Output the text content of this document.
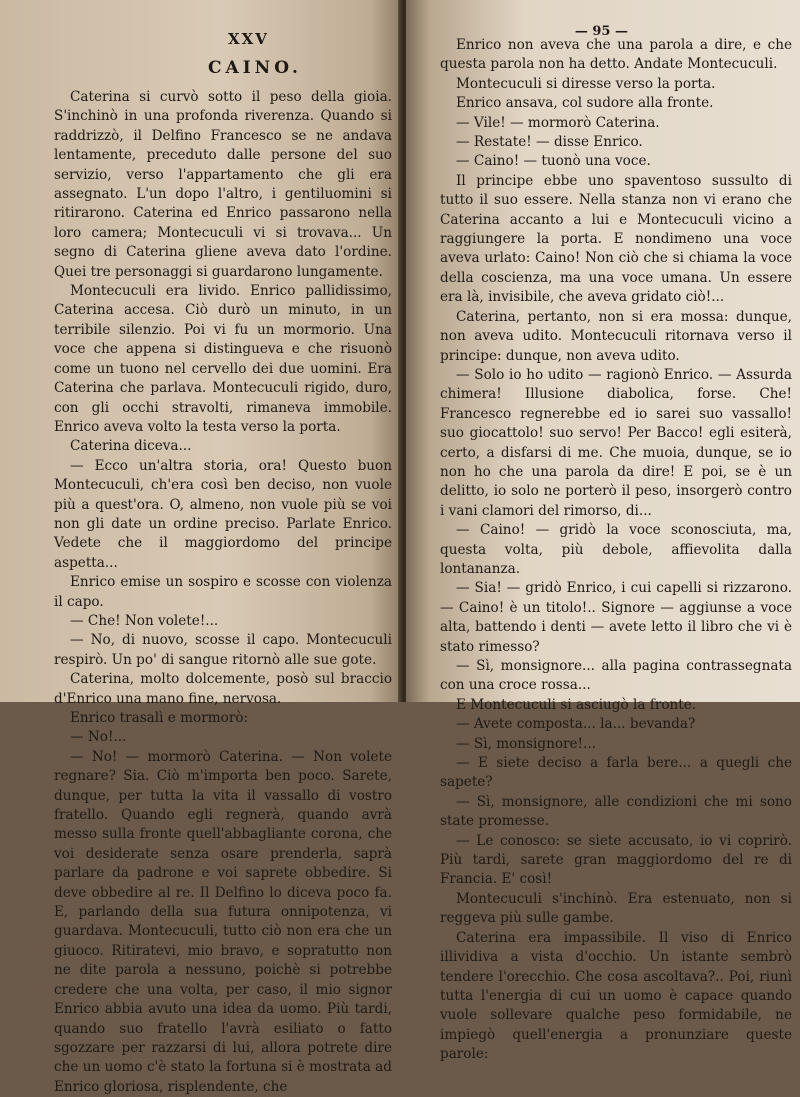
XXV
CAINO.

Caterina si curvò sotto il peso della gioia. S'inchinò in una profonda riverenza. Quando si raddrizzò, il Delfino Francesco se ne andava lentamente, preceduto dalle persone del suo servizio, verso l'appartamento che gli era assegnato. L'un dopo l'altro, i gentiluomini si ritirarono. Caterina ed Enrico passarono nella loro camera; Montecuculi vi si trovava... Un segno di Caterina gliene aveva dato l'ordine. Quei tre personaggi si guardarono lungamente.

Montecuculi era livido. Enrico pallidissimo, Caterina accesa. Ciò durò un minuto, in un terribile silenzio. Poi vi fu un mormorio. Una voce che appena si distingueva e che risuonò come un tuono nel cervello dei due uomini. Era Caterina che parlava. Montecuculi rigido, duro, con gli occhi stravolti, rimaneva immobile. Enrico aveva volto la testa verso la porta.

Caterina diceva...

— Ecco un'altra storia, ora! Questo buon Montecuculi, ch'era così ben deciso, non vuole più a quest'ora. O, almeno, non vuole più se voi non gli date un ordine preciso. Parlate Enrico. Vedete che il maggiordomo del principe aspetta...

Enrico emise un sospiro e scosse con violenza il capo.

— Che! Non volete!...

— No, di nuovo, scosse il capo. Montecuculi respirò. Un po' di sangue ritornò alle sue gote.

Caterina, molto dolcemente, posò sul braccio d'Enrico una mano fine, nervosa.

Enrico trasalì e mormorò:

— No!...

— No! — mormorò Caterina. — Non volete regnare? Sia. Ciò m'importa ben poco. Sarete, dunque, per tutta la vita il vassallo di vostro fratello. Quando egli regnerà, quando avrà messo sulla fronte quell'abbagliante corona, che voi desiderate senza osare prenderla, saprà parlare da padrone e voi saprete obbedire. Si deve obbedire al re. Il Delfino lo diceva poco fa. E, parlando della sua futura onnipotenza, vi guardava. Montecuculi, tutto ciò non era che un giuoco. Ritiratevi, mio bravo, e sopratutto non ne dite parola a nessuno, poichè si potrebbe credere che una volta, per caso, il mio signor Enrico abbia avuto una idea da uomo. Più tardi, quando suo fratello l'avrà esiliato o fatto sgozzare per razzarsi di lui, allora potrete dire che un uomo c'è stato la fortuna si è mostrata ad Enrico gloriosa, risplendente, che

— 95 —

Enrico non aveva che una parola a dire, e che questa parola non ha detto. Andate Montecuculi.

Montecuculi si diresse verso la porta.

Enrico ansava, col sudore alla fronte.

— Vile! — mormorò Caterina.

— Restate! — disse Enrico.

— Caino! — tuonò una voce.

Il principe ebbe uno spaventoso sussulto di tutto il suo essere. Nella stanza non vi erano che Caterina accanto a lui e Montecuculi vicino a raggiungere la porta. E nondimeno una voce aveva urlato: Caino! Non ciò che si chiama la voce della coscienza, ma una voce umana. Un essere era là, invisibile, che aveva gridato ciò!...

Caterina, pertanto, non si era mossa: dunque, non aveva udito. Montecuculi ritornava verso il principe: dunque, non aveva udito.

— Solo io ho udito — ragionò Enrico. — Assurda chimera! Illusione diabolica, forse. Che! Francesco regnerebbe ed io sarei suo vassallo! suo giocattolo! suo servo! Per Bacco! egli esiterà, certo, a disfarsi di me. Che muoia, dunque, se io non ho che una parola da dire! E poi, se è un delitto, io solo ne porterò il peso, insorgerò contro i vani clamori del rimorso, di...

— Caino! — gridò la voce sconosciuta, ma, questa volta, più debole, affievolita dalla lontananza.

— Sia! — gridò Enrico, i cui capelli si rizzarono. — Caino! è un titolo!.. Signore — aggiunse a voce alta, battendo i denti — avete letto il libro che vi è stato rimesso?

— Sì, monsignore... alla pagina contrassegnata con una croce rossa...

E Montecuculi si asciugò la fronte.

— Avete composta... la... bevanda?

— Sì, monsignore!...

— E siete deciso a farla bere... a quegli che sapete?

— Sì, monsignore, alle condizioni che mi sono state promesse.

— Le conosco: se siete accusato, io vi coprirò. Più tardi, sarete gran maggiordomo del re di Francia. E' così!

Montecuculi s'inchinò. Era estenuato, non si reggeva più sulle gambe.

Caterina era impassibile. Il viso di Enrico illividiva a vista d'occhio. Un istante sembrò tendere l'orecchio. Che cosa ascoltava?.. Poi, riunì tutta l'energia di cui un uomo è capace quando vuole sollevare qualche peso formidabile, ne impiegò quell'energia a pronunziare queste parole:
